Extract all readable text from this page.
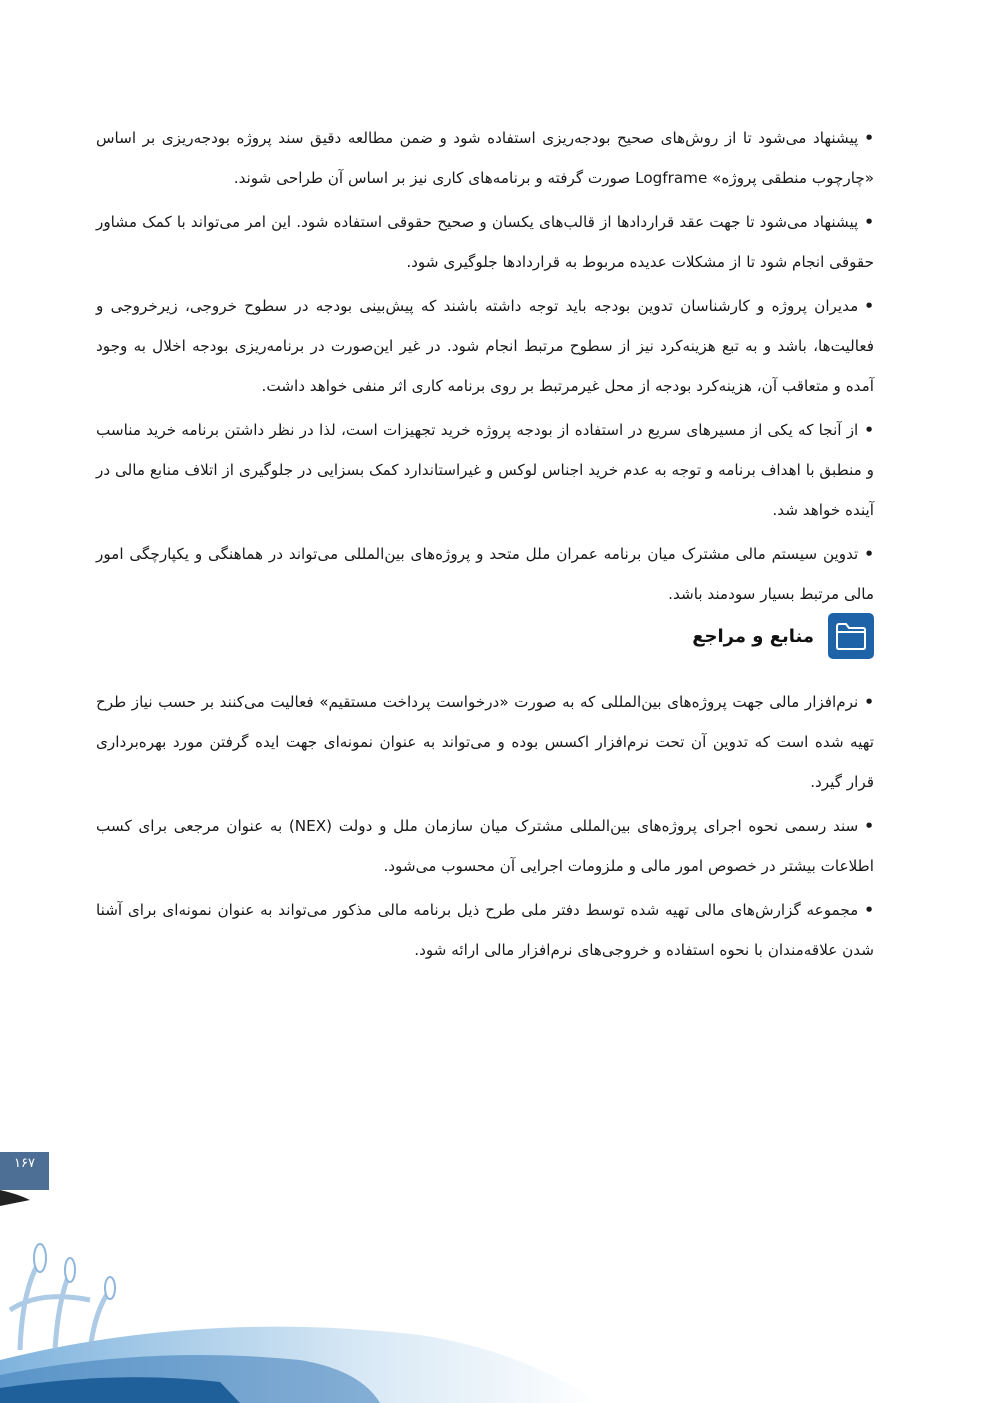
•پیشنهاد می‌شود تا از روش‌های صحیح بودجه‌ریزی استفاده شود و ضمن مطالعه دقیق سند پروژه بودجه‌ریزی بر اساس «چارچوب منطقی پروژه» Logframe صورت گرفته و برنامه‌های کاری نیز بر اساس آن طراحی شوند.

•پیشنهاد می‌شود تا جهت عقد قراردادها از قالب‌های یکسان و صحیح حقوقی استفاده شود. این امر می‌تواند با کمک مشاور حقوقی انجام شود تا از مشکلات عدیده مربوط به قراردادها جلوگیری شود.

•مدیران پروژه و کارشناسان تدوین بودجه باید توجه داشته باشند که پیش‌بینی بودجه در سطوح خروجی، زیرخروجی و فعالیت‌ها، باشد و به تبع هزینه‌کرد نیز از سطوح مرتبط انجام شود. در غیر این‌صورت در برنامه‌ریزی بودجه اخلال به وجود آمده و متعاقب آن، هزینه‌کرد بودجه از محل غیرمرتبط بر روی برنامه کاری اثر منفی خواهد داشت.

•از آنجا که یکی از مسیرهای سریع در استفاده از بودجه پروژه خرید تجهیزات است، لذا در نظر داشتن برنامه خرید مناسب و منطبق با اهداف برنامه و توجه به عدم خرید اجناس لوکس و غیراستاندارد کمک بسزایی در جلوگیری از اتلاف منابع مالی در آینده خواهد شد.

•تدوین سیستم مالی مشترک میان برنامه عمران ملل متحد و پروژه‌های بین‌المللی می‌تواند در هماهنگی و یکپارچگی امور مالی مرتبط بسیار سودمند باشد.

منابع و مراجع

•نرم‌افزار مالی جهت پروژه‌های بین‌المللی که به صورت «درخواست پرداخت مستقیم» فعالیت می‌کنند بر حسب نیاز طرح تهیه شده است که تدوین آن تحت نرم‌افزار اکسس بوده و می‌تواند به عنوان نمونه‌ای جهت ایده گرفتن مورد بهره‌برداری قرار گیرد.

•سند رسمی نحوه اجرای پروژه‌های بین‌المللی مشترک میان سازمان ملل و دولت (NEX) به عنوان مرجعی برای کسب اطلاعات بیشتر در خصوص امور مالی و ملزومات اجرایی آن محسوب می‌شود.

•مجموعه گزارش‌های مالی تهیه شده توسط دفتر ملی طرح ذیل برنامه مالی مذکور می‌تواند به عنوان نمونه‌ای برای آشنا شدن علاقه‌مندان با نحوه استفاده و خروجی‌های نرم‌افزار مالی ارائه شود.

۱۶۷
